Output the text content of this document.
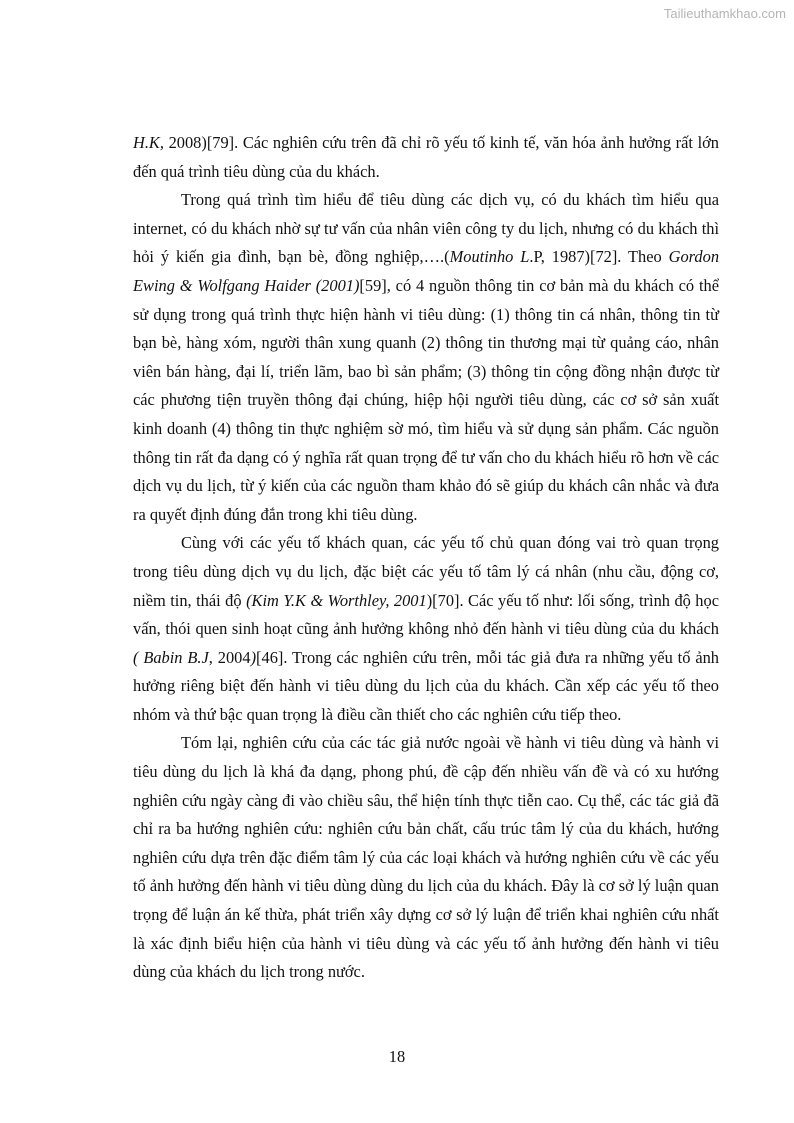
Tailieuthamkhao.com

H.K, 2008)[79]. Các nghiên cứu trên đã chỉ rõ yếu tố kinh tế, văn hóa ảnh hưởng rất lớn đến quá trình tiêu dùng của du khách.

Trong quá trình tìm hiểu để tiêu dùng các dịch vụ, có du khách tìm hiểu qua internet, có du khách nhờ sự tư vấn của nhân viên công ty du lịch, nhưng có du khách thì hỏi ý kiến gia đình, bạn bè, đồng nghiệp,….(Moutinho L.P, 1987)[72]. Theo Gordon Ewing & Wolfgang Haider (2001)[59], có 4 nguồn thông tin cơ bản mà du khách có thể sử dụng trong quá trình thực hiện hành vi tiêu dùng: (1) thông tin cá nhân, thông tin từ bạn bè, hàng xóm, người thân xung quanh (2) thông tin thương mại từ quảng cáo, nhân viên bán hàng, đại lí, triển lãm, bao bì sản phẩm; (3) thông tin cộng đồng nhận được từ các phương tiện truyền thông đại chúng, hiệp hội người tiêu dùng, các cơ sở sản xuất kinh doanh (4) thông tin thực nghiệm sờ mó, tìm hiểu và sử dụng sản phẩm. Các nguồn thông tin rất đa dạng có ý nghĩa rất quan trọng để tư vấn cho du khách hiểu rõ hơn về các dịch vụ du lịch, từ ý kiến của các nguồn tham khảo đó sẽ giúp du khách cân nhắc và đưa ra quyết định đúng đắn trong khi tiêu dùng.

Cùng với các yếu tố khách quan, các yếu tố chủ quan đóng vai trò quan trọng trong tiêu dùng dịch vụ du lịch, đặc biệt các yếu tố tâm lý cá nhân (nhu cầu, động cơ, niềm tin, thái độ (Kim Y.K & Worthley, 2001)[70]. Các yếu tố như: lối sống, trình độ học vấn, thói quen sinh hoạt cũng ảnh hưởng không nhỏ đến hành vi tiêu dùng của du khách ( Babin B.J, 2004)[46]. Trong các nghiên cứu trên, mỗi tác giả đưa ra những yếu tố ảnh hưởng riêng biệt đến hành vi tiêu dùng du lịch của du khách. Cần xếp các yếu tố theo nhóm và thứ bậc quan trọng là điều cần thiết cho các nghiên cứu tiếp theo.

Tóm lại, nghiên cứu của các tác giả nước ngoài về hành vi tiêu dùng và hành vi tiêu dùng du lịch là khá đa dạng, phong phú, đề cập đến nhiều vấn đề và có xu hướng nghiên cứu ngày càng đi vào chiều sâu, thể hiện tính thực tiễn cao. Cụ thể, các tác giả đã chỉ ra ba hướng nghiên cứu: nghiên cứu bản chất, cấu trúc tâm lý của du khách, hướng nghiên cứu dựa trên đặc điểm tâm lý của các loại khách và hướng nghiên cứu về các yếu tố ảnh hưởng đến hành vi tiêu dùng dùng du lịch của du khách. Đây là cơ sở lý luận quan trọng để luận án kế thừa, phát triển xây dựng cơ sở lý luận để triển khai nghiên cứu nhất là xác định biểu hiện của hành vi tiêu dùng và các yếu tố ảnh hưởng đến hành vi tiêu dùng của khách du lịch trong nước.

18
